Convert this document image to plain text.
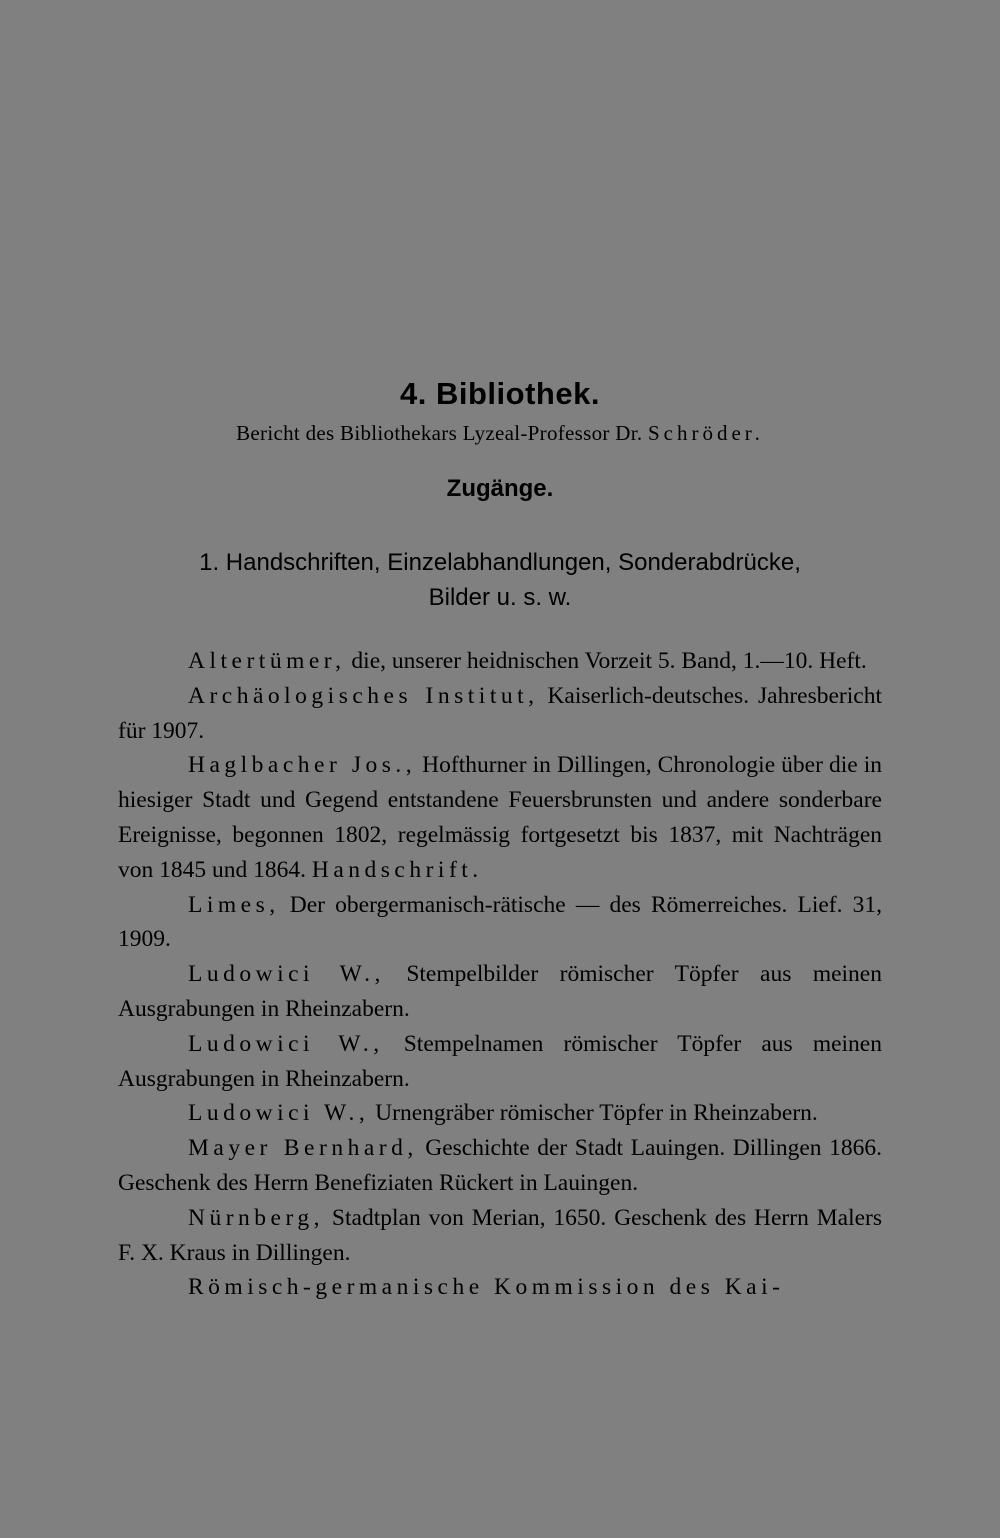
4. Bibliothek.
Bericht des Bibliothekars Lyzeal-Professor Dr. Schröder.
Zugänge.
1. Handschriften, Einzelabhandlungen, Sonderabdrücke,
Bilder u. s. w.

Altertümer, die, unserer heidnischen Vorzeit 5. Band, 1.—10. Heft.

Archäologisches Institut, Kaiserlich-deutsches. Jahresbericht für 1907.

Haglbacher Jos., Hofthurner in Dillingen, Chronologie über die in hiesiger Stadt und Gegend entstandene Feuersbrunsten und andere sonderbare Ereignisse, begonnen 1802, regelmässig fortgesetzt bis 1837, mit Nachträgen von 1845 und 1864. Handschrift.

Limes, Der obergermanisch-rätische — des Römerreiches. Lief. 31, 1909.

Ludowici W., Stempelbilder römischer Töpfer aus meinen Ausgrabungen in Rheinzabern.

Ludowici W., Stempelnamen römischer Töpfer aus meinen Ausgrabungen in Rheinzabern.

Ludowici W., Urnengräber römischer Töpfer in Rheinzabern.

Mayer Bernhard, Geschichte der Stadt Lauingen. Dillingen 1866. Geschenk des Herrn Benefiziaten Rückert in Lauingen.

Nürnberg, Stadtplan von Merian, 1650. Geschenk des Herrn Malers F. X. Kraus in Dillingen.

Römisch-germanische Kommission des Kai-
